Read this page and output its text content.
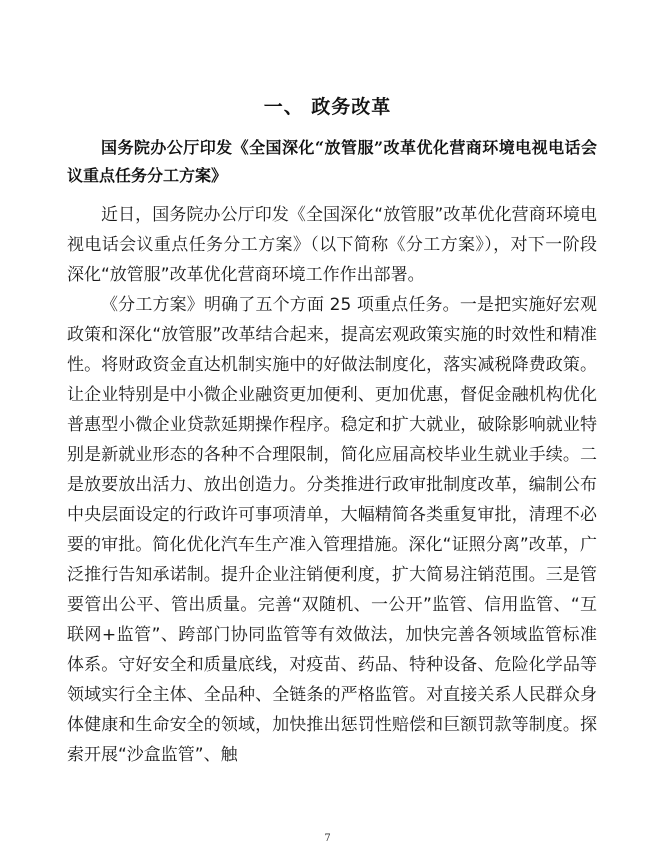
一、 政务改革
国务院办公厅印发《全国深化“放管服”改革优化营商环境电视电话会议重点任务分工方案》

近日，国务院办公厅印发《全国深化“放管服”改革优化营商环境电视电话会议重点任务分工方案》（以下简称《分工方案》），对下一阶段深化“放管服”改革优化营商环境工作作出部署。

《分工方案》明确了五个方面 25 项重点任务。一是把实施好宏观政策和深化“放管服”改革结合起来，提高宏观政策实施的时效性和精准性。将财政资金直达机制实施中的好做法制度化，落实减税降费政策。让企业特别是中小微企业融资更加便利、更加优惠，督促金融机构优化普惠型小微企业贷款延期操作程序。稳定和扩大就业，破除影响就业特别是新就业形态的各种不合理限制，简化应届高校毕业生就业手续。二是放要放出活力、放出创造力。分类推进行政审批制度改革，编制公布中央层面设定的行政许可事项清单，大幅精简各类重复审批，清理不必要的审批。简化优化汽车生产准入管理措施。深化“证照分离”改革，广泛推行告知承诺制。提升企业注销便利度，扩大简易注销范围。三是管要管出公平、管出质量。完善“双随机、一公开”监管、信用监管、“互联网+监管”、跨部门协同监管等有效做法，加快完善各领域监管标准体系。守好安全和质量底线，对疫苗、药品、特种设备、危险化学品等领域实行全主体、全品种、全链条的严格监管。对直接关系人民群众身体健康和生命安全的领域，加快推出惩罚性赔偿和巨额罚款等制度。探索开展“沙盒监管”、触

7
